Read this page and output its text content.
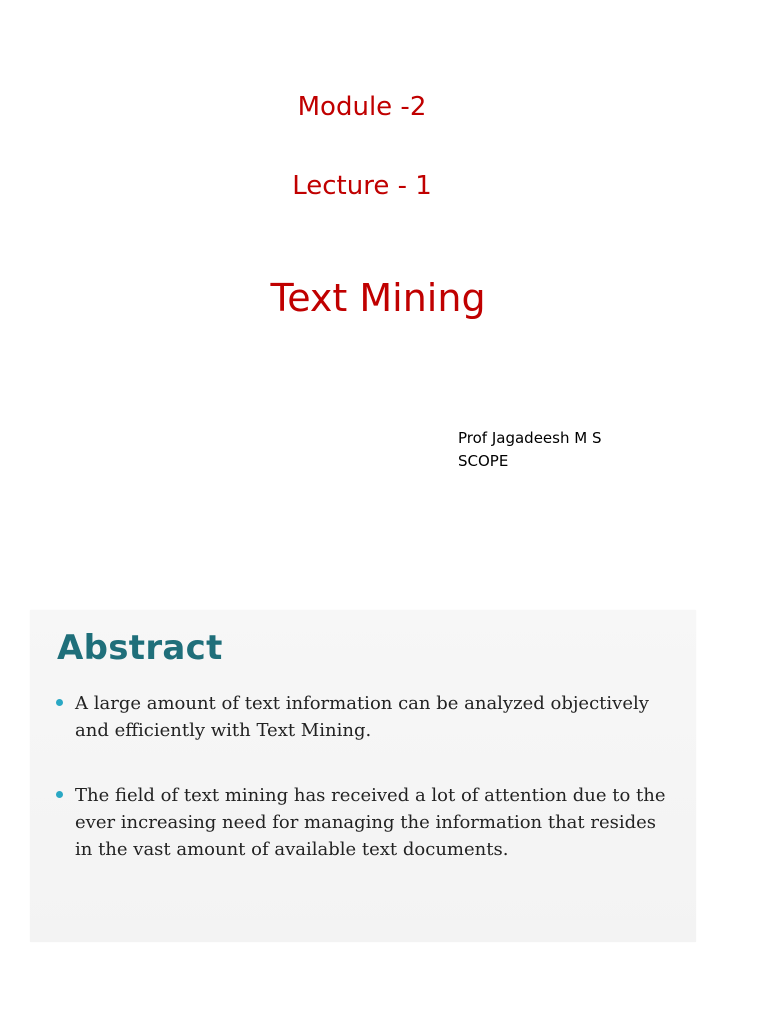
Module -2
Lecture - 1
Text Mining
Prof Jagadeesh M S
SCOPE
Abstract
A large amount of text information can be analyzed objectively and efficiently with Text Mining.
The field of text mining has received a lot of attention due to the ever increasing need for managing the information that resides in the vast amount of available text documents.
